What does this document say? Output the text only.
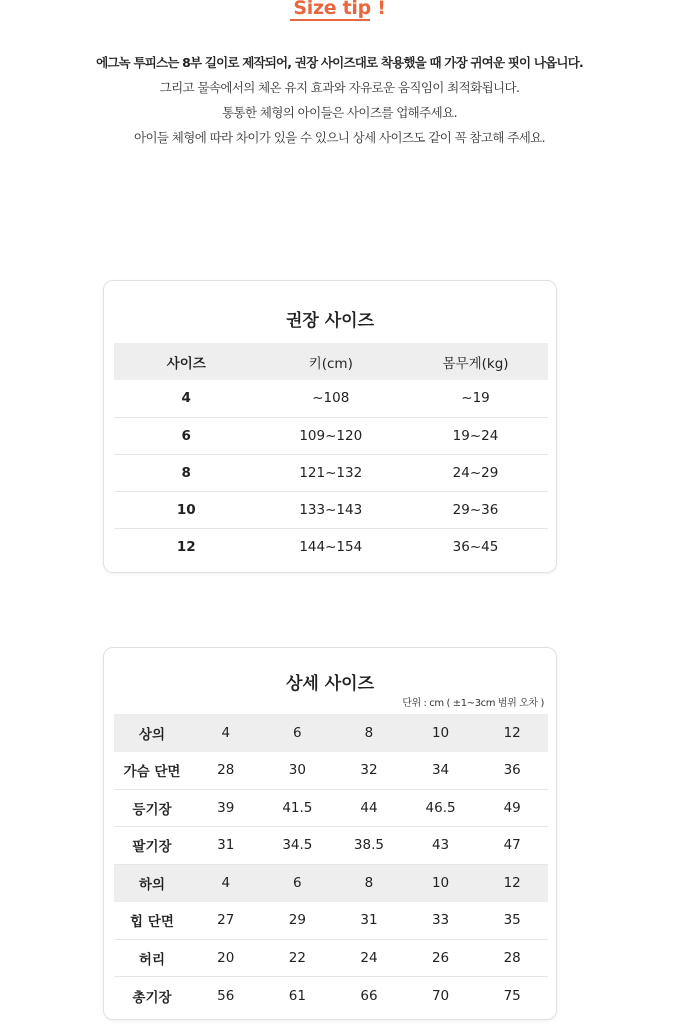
Size tip !

에그녹 투피스는 8부 길이로 제작되어, 권장 사이즈대로 착용했을 때 가장 귀여운 핏이 나옵니다.

그리고 물속에서의 체온 유지 효과와 자유로운 움직임이 최적화됩니다.

통통한 체형의 아이들은 사이즈를 업해주세요.

아이들 체형에 따라 차이가 있을 수 있으니 상세 사이즈도 같이 꼭 참고해 주세요.

권장 사이즈
사이즈	키(cm)	몸무게(kg)
4	~108	~19
6	109~120	19~24
8	121~132	24~29
10	133~143	29~36
12	144~154	36~45
상세 사이즈
단위 : cm ( ±1~3cm 범위 오차 )
상의	4	6	8	10	12
가슴 단면	28	30	32	34	36
등기장	39	41.5	44	46.5	49
팔기장	31	34.5	38.5	43	47
하의	4	6	8	10	12
힙 단면	27	29	31	33	35
허리	20	22	24	26	28
총기장	56	61	66	70	75
